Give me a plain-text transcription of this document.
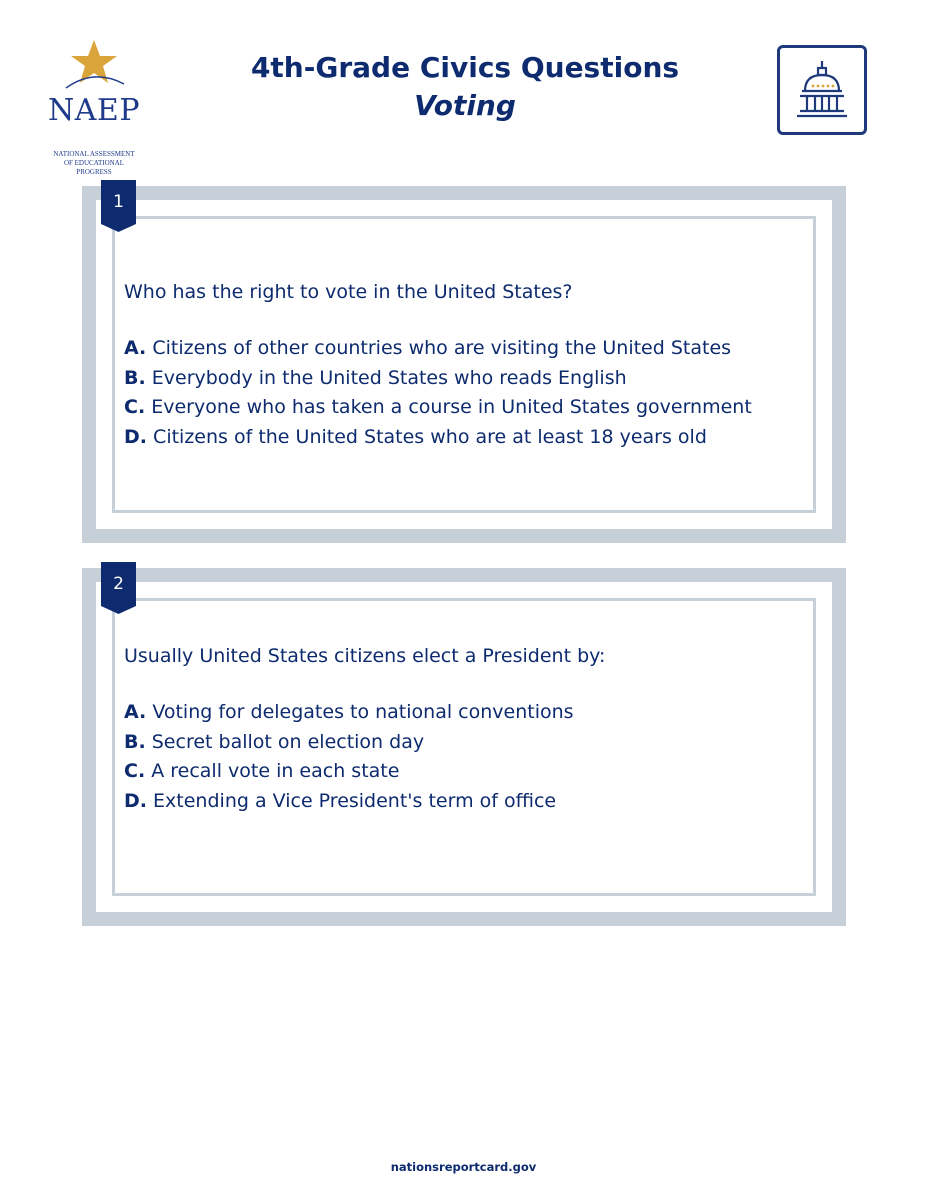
NAEP

NATIONAL ASSESSMENT
OF EDUCATIONAL
PROGRESS

4th-Grade Civics Questions

Voting

1
Who has the right to vote in the United States?
A. Citizens of other countries who are visiting the United States
B. Everybody in the United States who reads English
C. Everyone who has taken a course in United States government
D. Citizens of the United States who are at least 18 years old
2
Usually United States citizens elect a President by:
A. Voting for delegates to national conventions
B. Secret ballot on election day
C. A recall vote in each state
D. Extending a Vice President's term of office
nationsreportcard.gov
